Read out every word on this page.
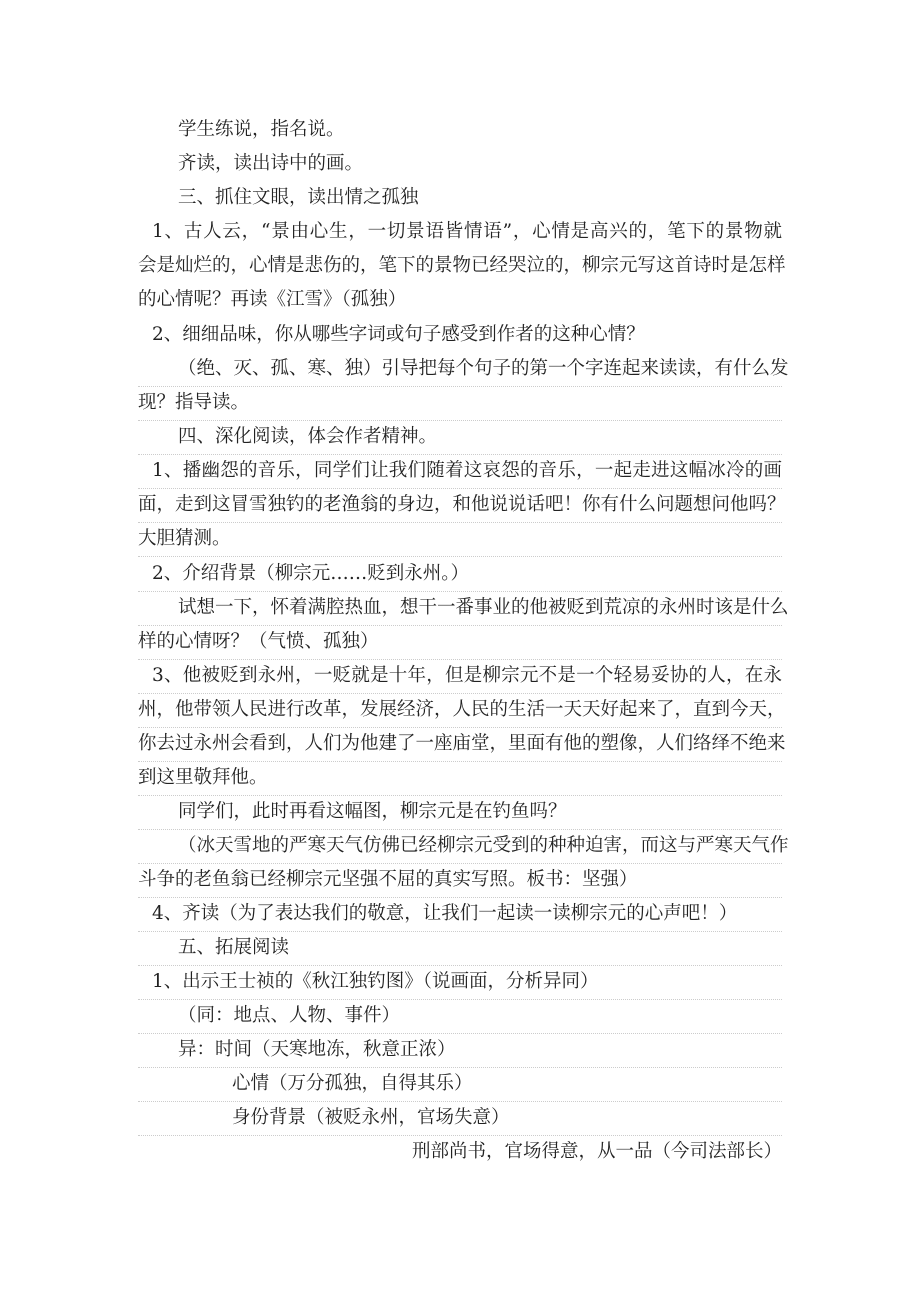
学生练说，指名说。
齐读，读出诗中的画。
三、抓住文眼，读出情之孤独
1、古人云，“景由心生，一切景语皆情语”，心情是高兴的，笔下的景物就
会是灿烂的，心情是悲伤的，笔下的景物已经哭泣的，柳宗元写这首诗时是怎样
的心情呢？再读《江雪》（孤独）
2、细细品味，你从哪些字词或句子感受到作者的这种心情？
（绝、灭、孤、寒、独）引导把每个句子的第一个字连起来读读，有什么发
现？指导读。
四、深化阅读，体会作者精神。
1、播幽怨的音乐，同学们让我们随着这哀怨的音乐，一起走进这幅冰冷的画
面，走到这冒雪独钓的老渔翁的身边，和他说说话吧！你有什么问题想问他吗？
大胆猜测。
2、介绍背景（柳宗元……贬到永州。）
试想一下，怀着满腔热血，想干一番事业的他被贬到荒凉的永州时该是什么
样的心情呀？（气愤、孤独）
3、他被贬到永州，一贬就是十年，但是柳宗元不是一个轻易妥协的人，在永
州，他带领人民进行改革，发展经济，人民的生活一天天好起来了，直到今天，
你去过永州会看到，人们为他建了一座庙堂，里面有他的塑像，人们络绎不绝来
到这里敬拜他。
同学们，此时再看这幅图，柳宗元是在钓鱼吗？
（冰天雪地的严寒天气仿佛已经柳宗元受到的种种迫害，而这与严寒天气作
斗争的老鱼翁已经柳宗元坚强不屈的真实写照。板书：坚强）
4、齐读（为了表达我们的敬意，让我们一起读一读柳宗元的心声吧！）
五、拓展阅读
1、出示王士祯的《秋江独钓图》（说画面，分析异同）
（同：地点、人物、事件）
异：时间（天寒地冻，秋意正浓）
心情（万分孤独，自得其乐）
身份背景（被贬永州，官场失意）
刑部尚书，官场得意，从一品（今司法部长）
